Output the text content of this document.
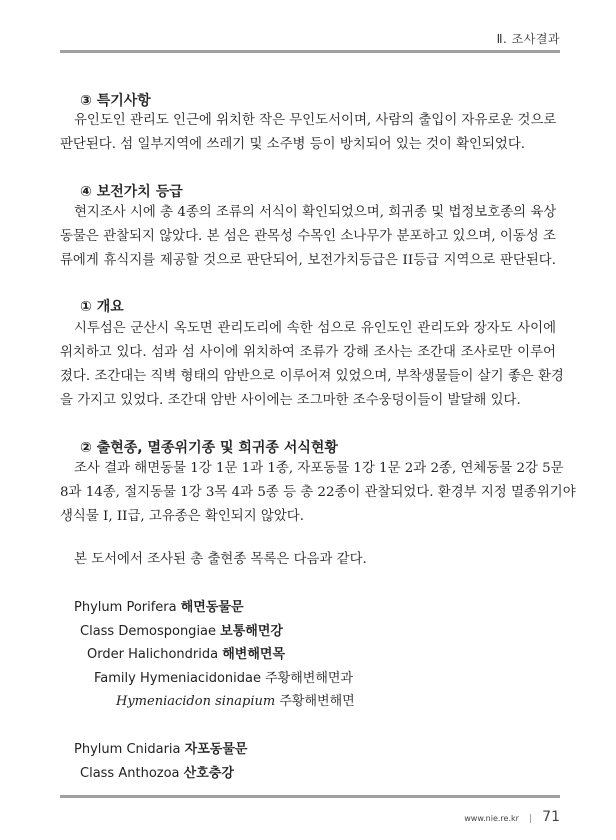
Ⅱ. 조사결과
③ 특기사항
유인도인 관리도 인근에 위치한 작은 무인도서이며, 사람의 출입이 자유로운 것으로
판단된다. 섬 일부지역에 쓰레기 및 소주병 등이 방치되어 있는 것이 확인되었다.
④ 보전가치 등급
현지조사 시에 총 4종의 조류의 서식이 확인되었으며, 희귀종 및 법정보호종의 육상
동물은 관찰되지 않았다. 본 섬은 관목성 수목인 소나무가 분포하고 있으며, 이동성 조
류에게 휴식지를 제공할 것으로 판단되어, 보전가치등급은 II등급 지역으로 판단된다.
① 개요
시투섬은 군산시 옥도면 관리도리에 속한 섬으로 유인도인 관리도와 장자도 사이에
위치하고 있다. 섬과 섬 사이에 위치하여 조류가 강해 조사는 조간대 조사로만 이루어
졌다. 조간대는 직벽 형태의 암반으로 이루어져 있었으며, 부착생물들이 살기 좋은 환경
을 가지고 있었다. 조간대 암반 사이에는 조그마한 조수웅덩이들이 발달해 있다.
② 출현종, 멸종위기종 및 희귀종 서식현황
조사 결과 해면동물 1강 1문 1과 1종, 자포동물 1강 1문 2과 2종, 연체동물 2강 5문
8과 14종, 절지동물 1강 3목 4과 5종 등 총 22종이 관찰되었다. 환경부 지정 멸종위기야
생식물 Ⅰ, II급, 고유종은 확인되지 않았다.
본 도서에서 조사된 총 출현종 목록은 다음과 같다.
Phylum Porifera 해면동물문
Class Demospongiae 보통해면강
Order Halichondrida 해변해면목
Family Hymeniacidonidae 주황해변해면과
Hymeniacidon sinapium 주황해변해면
Phylum Cnidaria 자포동물문
Class Anthozoa 산호충강
www.nie.re.kr | 71
